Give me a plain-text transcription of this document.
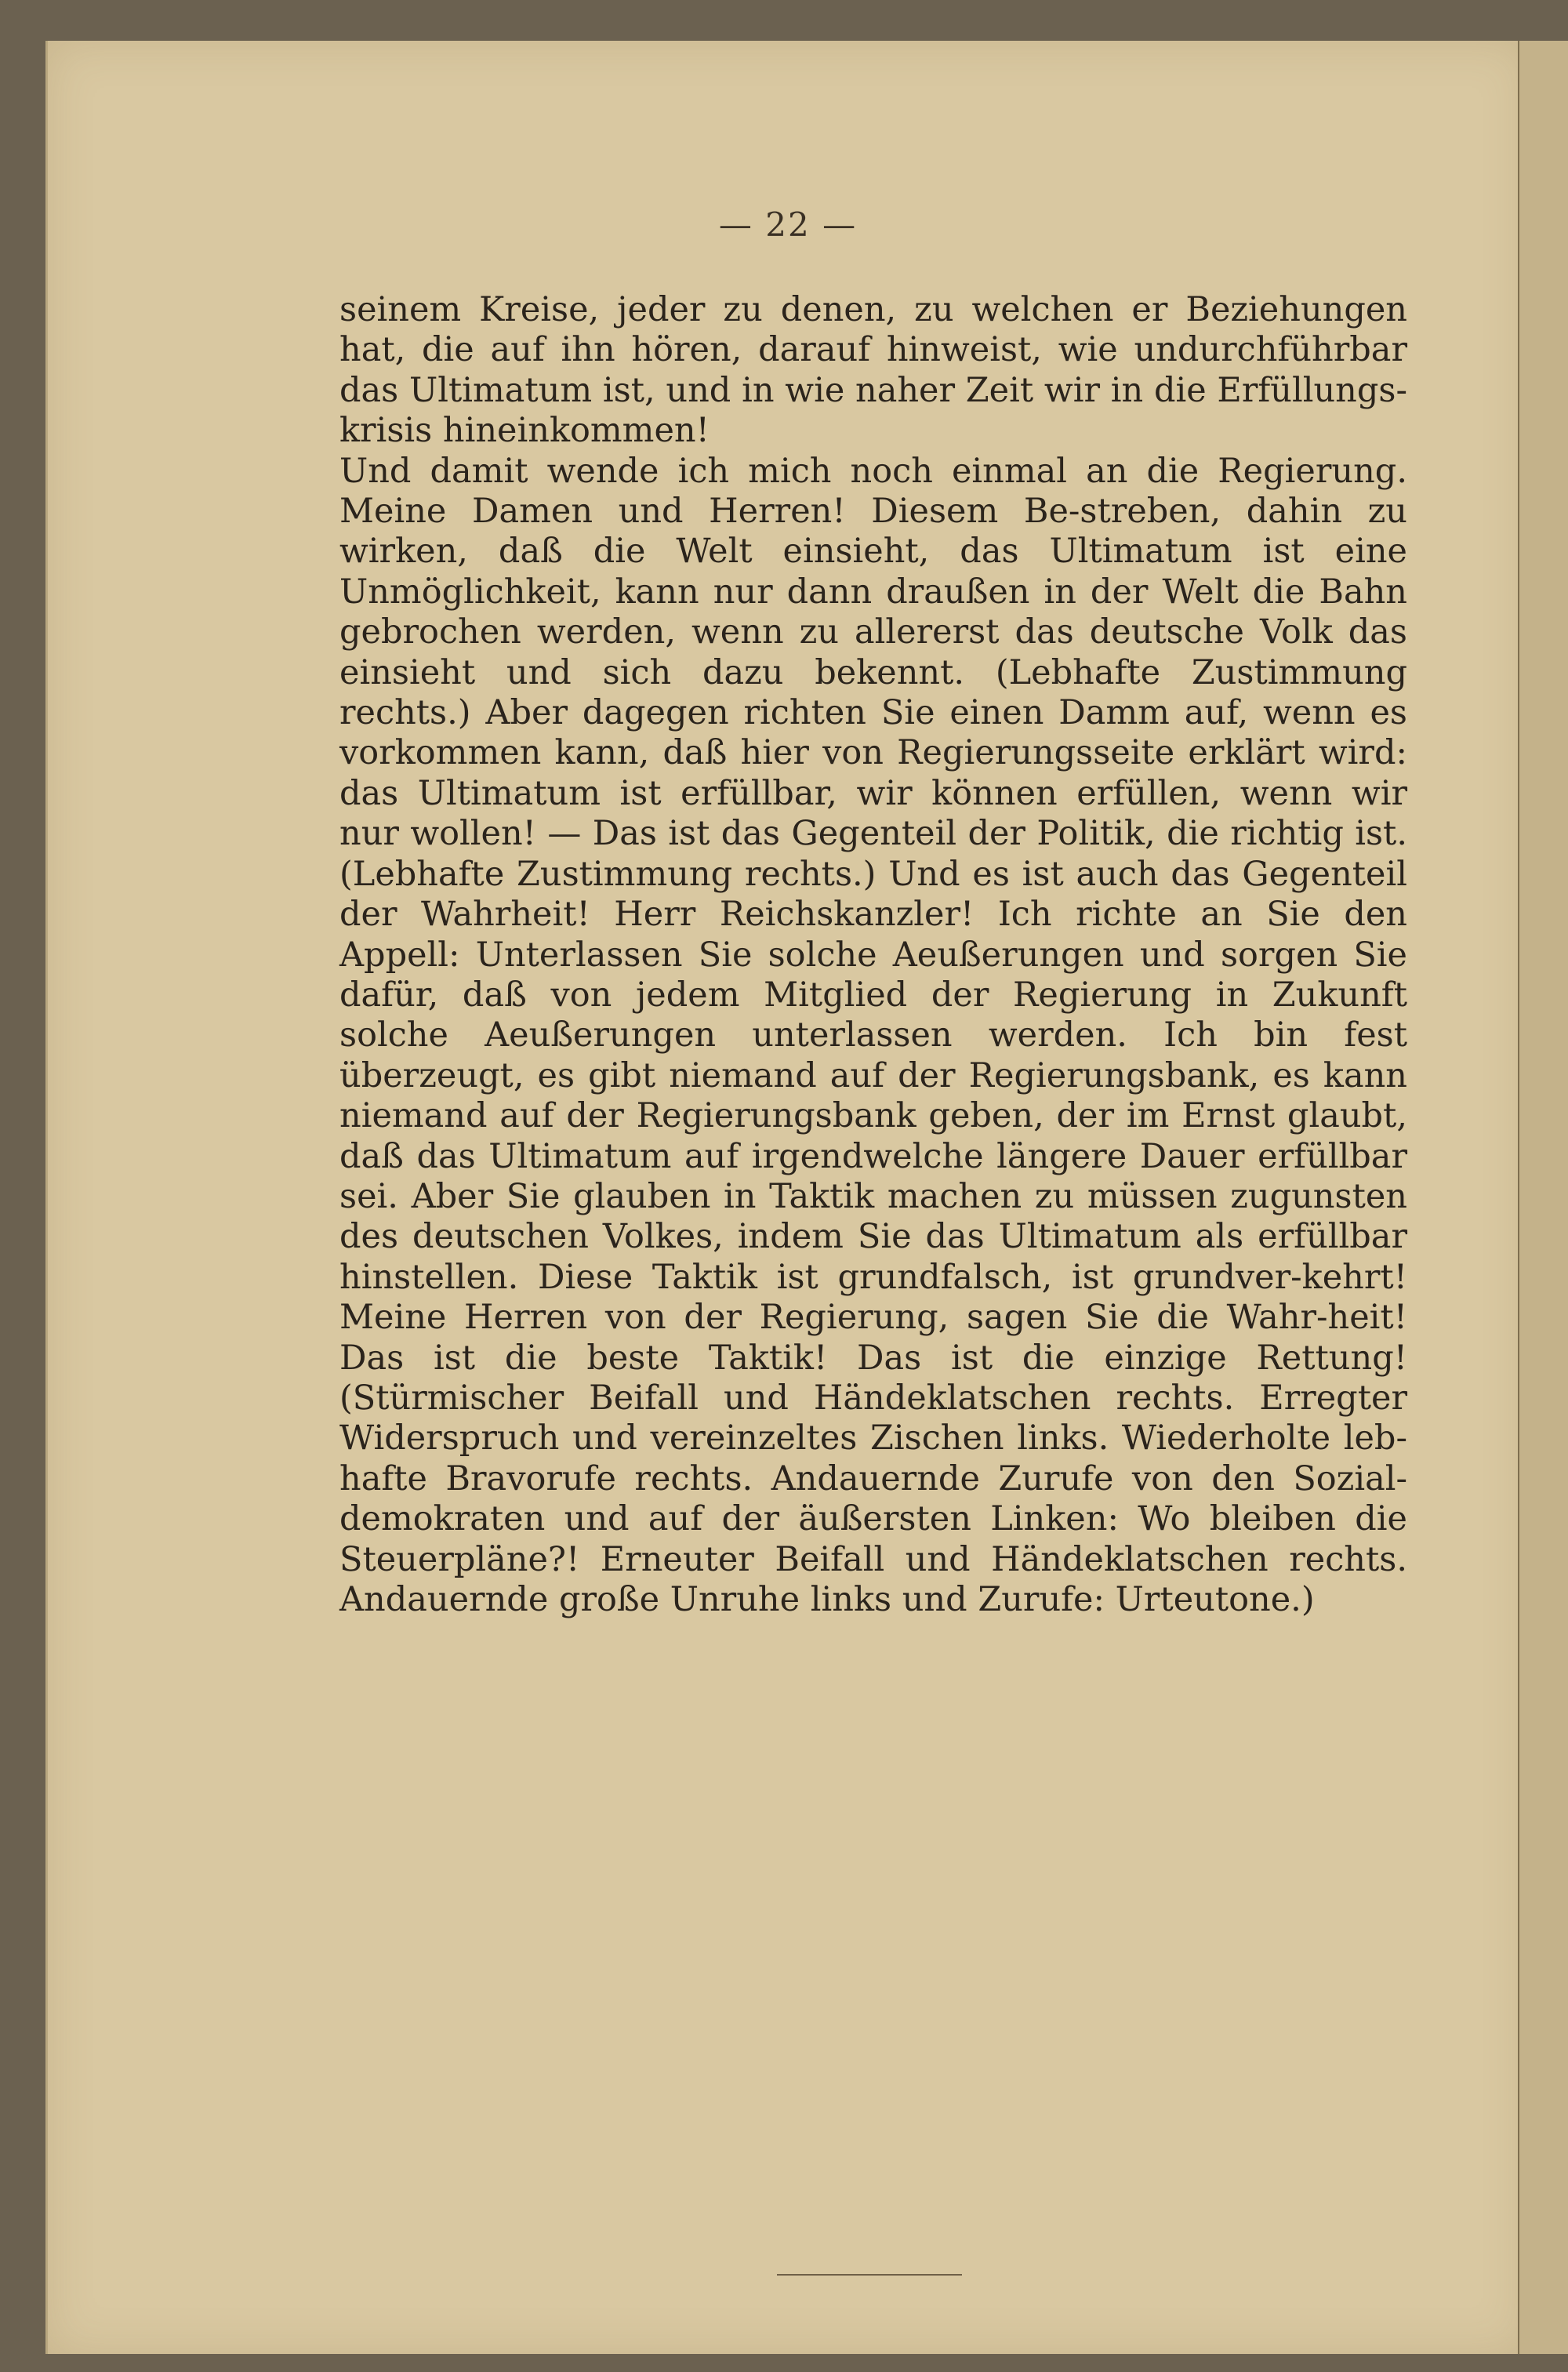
— 22 —

seinem Kreise, jeder zu denen, zu welchen er Beziehungen hat, die auf ihn hören, darauf hinweist, wie undurchführbar das Ultimatum ist, und in wie naher Zeit wir in die Erfüllungs-krisis hineinkommen!

Und damit wende ich mich noch einmal an die Regierung. Meine Damen und Herren! Diesem Be-streben, dahin zu wirken, daß die Welt einsieht, das Ultimatum ist eine Unmöglichkeit, kann nur dann draußen in der Welt die Bahn gebrochen werden, wenn zu allererst das deutsche Volk das einsieht und sich dazu bekennt. (Lebhafte Zustimmung rechts.) Aber dagegen richten Sie einen Damm auf, wenn es vorkommen kann, daß hier von Regierungsseite erklärt wird: das Ultimatum ist erfüllbar, wir können erfüllen, wenn wir nur wollen! — Das ist das Gegenteil der Politik, die richtig ist. (Lebhafte Zustimmung rechts.) Und es ist auch das Gegenteil der Wahrheit! Herr Reichskanzler! Ich richte an Sie den Appell: Unterlassen Sie solche Aeußerungen und sorgen Sie dafür, daß von jedem Mitglied der Regierung in Zukunft solche Aeußerungen unterlassen werden. Ich bin fest überzeugt, es gibt niemand auf der Regierungsbank, es kann niemand auf der Regierungsbank geben, der im Ernst glaubt, daß das Ultimatum auf irgendwelche längere Dauer erfüllbar sei. Aber Sie glauben in Taktik machen zu müssen zugunsten des deutschen Volkes, indem Sie das Ultimatum als erfüllbar hinstellen. Diese Taktik ist grundfalsch, ist grundver-kehrt! Meine Herren von der Regierung, sagen Sie die Wahr-heit! Das ist die beste Taktik! Das ist die einzige Rettung! (Stürmischer Beifall und Händeklatschen rechts. Erregter Widerspruch und vereinzeltes Zischen links. Wiederholte leb-hafte Bravorufe rechts. Andauernde Zurufe von den Sozial-demokraten und auf der äußersten Linken: Wo bleiben die Steuerpläne?! Erneuter Beifall und Händeklatschen rechts. Andauernde große Unruhe links und Zurufe: Urteutone.)
